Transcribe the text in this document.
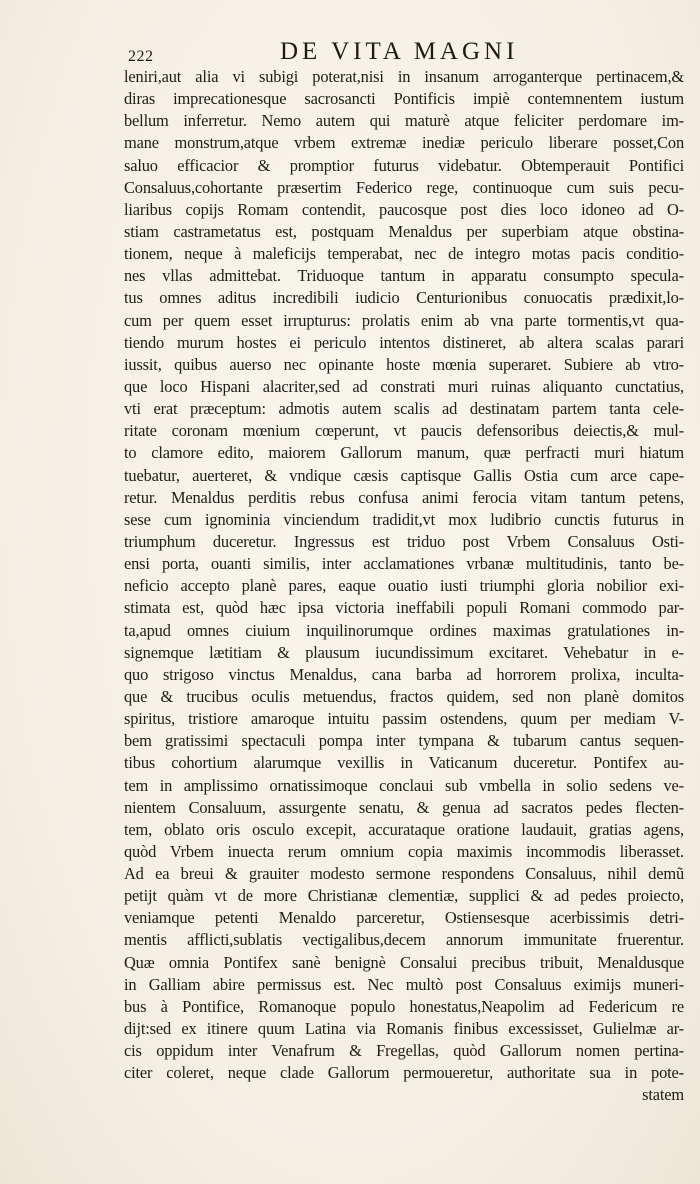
222	DE VITA MAGNI
leniri,aut alia vi subigi poterat,nisi in insanum arroganterque pertinacem,&
diras imprecationesque sacrosancti Pontificis impiè contemnentem iustum
bellum inferretur. Nemo autem qui maturè atque feliciter perdomare im-
mane monstrum,atque vrbem extremæ inediæ periculo liberare posset,Con
saluo efficacior & promptior futurus videbatur. Obtemperauit Pontifici
Consaluus,cohortante præsertim Federico rege, continuoque cum suis pecu-
liaribus copijs Romam contendit, paucosque post dies loco idoneo ad O-
stiam castrametatus est, postquam Menaldus per superbiam atque obstina-
tionem, neque à maleficijs temperabat, nec de integro motas pacis conditio-
nes vllas admittebat. Triduoque tantum in apparatu consumpto specula-
tus omnes aditus incredibili iudicio Centurionibus conuocatis prædixit,lo-
cum per quem esset irrupturus: prolatis enim ab vna parte tormentis,vt qua-
tiendo murum hostes ei periculo intentos distineret, ab altera scalas parari
iussit, quibus auerso nec opinante hoste mœnia superaret. Subiere ab vtro-
que loco Hispani alacriter,sed ad constrati muri ruinas aliquanto cunctatius,
vti erat præceptum: admotis autem scalis ad destinatam partem tanta cele-
ritate coronam mœnium cœperunt, vt paucis defensoribus deiectis,& mul-
to clamore edito, maiorem Gallorum manum, quæ perfracti muri hiatum
tuebatur, auerteret, & vndique cæsis captisque Gallis Ostia cum arce cape-
retur. Menaldus perditis rebus confusa animi ferocia vitam tantum petens,
sese cum ignominia vinciendum tradidit,vt mox ludibrio cunctis futurus in
triumphum duceretur. Ingressus est triduo post Vrbem Consaluus Osti-
ensi porta, ouanti similis, inter acclamationes vrbanæ multitudinis, tanto be-
neficio accepto planè pares, eaque ouatio iusti triumphi gloria nobilior exi-
stimata est, quòd hæc ipsa victoria ineffabili populi Romani commodo par-
ta,apud omnes ciuium inquilinorumque ordines maximas gratulationes in-
signemque lætitiam & plausum iucundissimum excitaret. Vehebatur in e-
quo strigoso vinctus Menaldus, cana barba ad horrorem prolixa, inculta-
que & trucibus oculis metuendus, fractos quidem, sed non planè domitos
spiritus, tristiore amaroque intuitu passim ostendens, quum per mediam V-
bem gratissimi spectaculi pompa inter tympana & tubarum cantus sequen-
tibus cohortium alarumque vexillis in Vaticanum duceretur. Pontifex au-
tem in amplissimo ornatissimoque conclaui sub vmbella in solio sedens ve-
nientem Consaluum, assurgente senatu, & genua ad sacratos pedes flecten-
tem, oblato oris osculo excepit, accurataque oratione laudauit, gratias agens,
quòd Vrbem inuecta rerum omnium copia maximis incommodis liberasset.
Ad ea breui & grauiter modesto sermone respondens Consaluus, nihil demũ
petijt quàm vt de more Christianæ clementiæ, supplici & ad pedes proiecto,
veniamque petenti Menaldo parceretur, Ostiensesque acerbissimis detri-
mentis afflicti,sublatis vectigalibus,decem annorum immunitate fruerentur.
Quæ omnia Pontifex sanè benignè Consalui precibus tribuit, Menaldusque
in Galliam abire permissus est. Nec multò post Consaluus eximijs muneri-
bus à Pontifice, Romanoque populo honestatus,Neapolim ad Federicum re
dijt:sed ex itinere quum Latina via Romanis finibus excessisset, Gulielmæ ar-
cis oppidum inter Venafrum & Fregellas, quòd Gallorum nomen pertina-
citer coleret, neque clade Gallorum permoueretur, authoritate sua in pote-
statem
